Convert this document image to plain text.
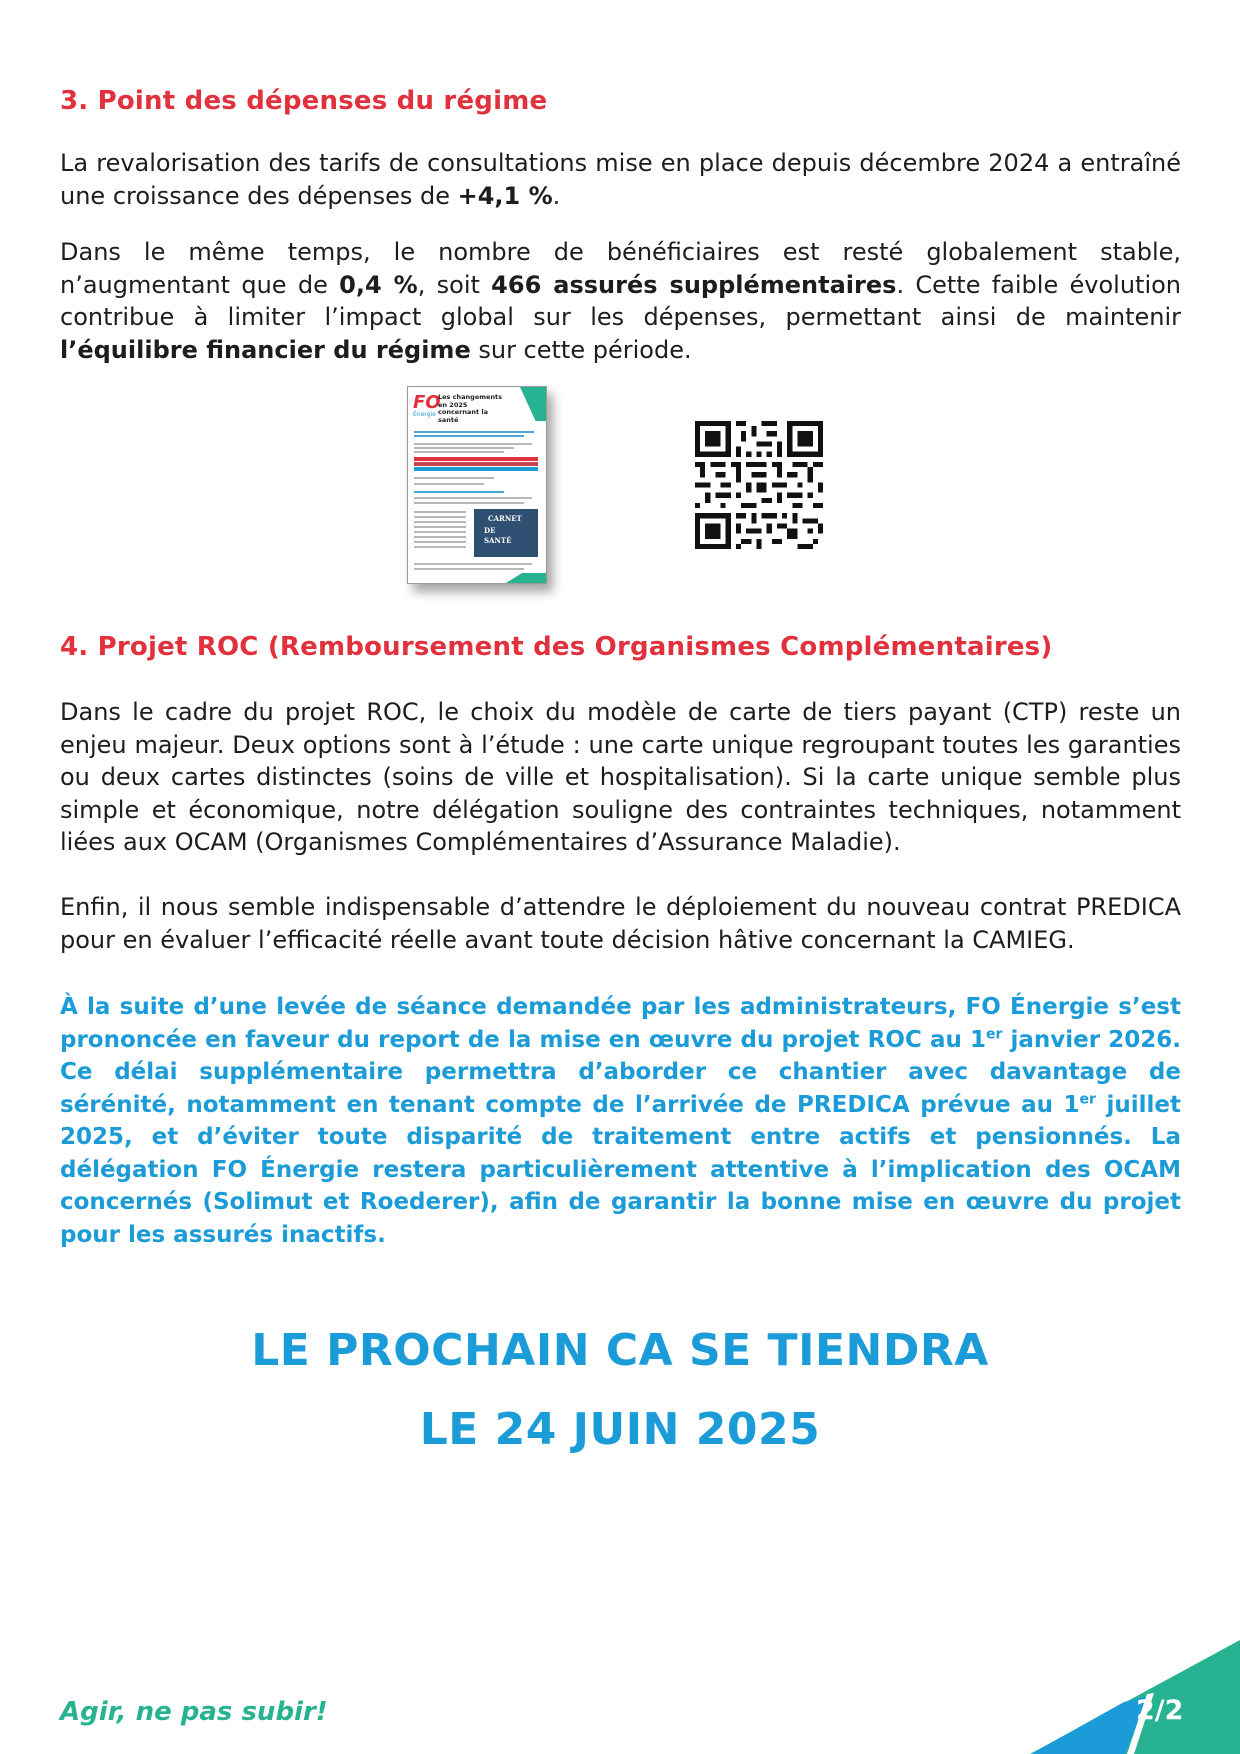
3. Point des dépenses du régime

La revalorisation des tarifs de consultations mise en place depuis décembre 2024 a entraîné une croissance des dépenses de +4,1 %.

Dans le même temps, le nombre de bénéficiaires est resté globalement stable, n’augmentant que de 0,4 %, soit 466 assurés supplémentaires. Cette faible évolution contribue à limiter l’impact global sur les dépenses, permettant ainsi de maintenir l’équilibre financier du régime sur cette période.

4. Projet ROC (Remboursement des Organismes Complémentaires)

Dans le cadre du projet ROC, le choix du modèle de carte de tiers payant (CTP) reste un enjeu majeur. Deux options sont à l’étude : une carte unique regroupant toutes les garanties ou deux cartes distinctes (soins de ville et hospitalisation). Si la carte unique semble plus simple et économique, notre délégation souligne des contraintes techniques, notamment liées aux OCAM (Organismes Complémentaires d’Assurance Maladie).

Enfin, il nous semble indispensable d’attendre le déploiement du nouveau contrat PREDICA pour en évaluer l’efficacité réelle avant toute décision hâtive concernant la CAMIEG.

À la suite d’une levée de séance demandée par les administrateurs, FO Énergie s’est prononcée en faveur du report de la mise en œuvre du projet ROC au 1er janvier 2026. Ce délai supplémentaire permettra d’aborder ce chantier avec davantage de sérénité, notamment en tenant compte de l’arrivée de PREDICA prévue au 1er juillet 2025, et d’éviter toute disparité de traitement entre actifs et pensionnés. La délégation FO Énergie restera particulièrement attentive à l’implication des OCAM concernés (Solimut et Roederer), afin de garantir la bonne mise en œuvre du projet pour les assurés inactifs.

FO
Énergie
Les changements en 2025 concernant la santé
CARNET
DE
SANTÉ
LE PROCHAIN CA SE TIENDRA
LE 24 JUIN 2025
Agir, ne pas subir!	2/2
